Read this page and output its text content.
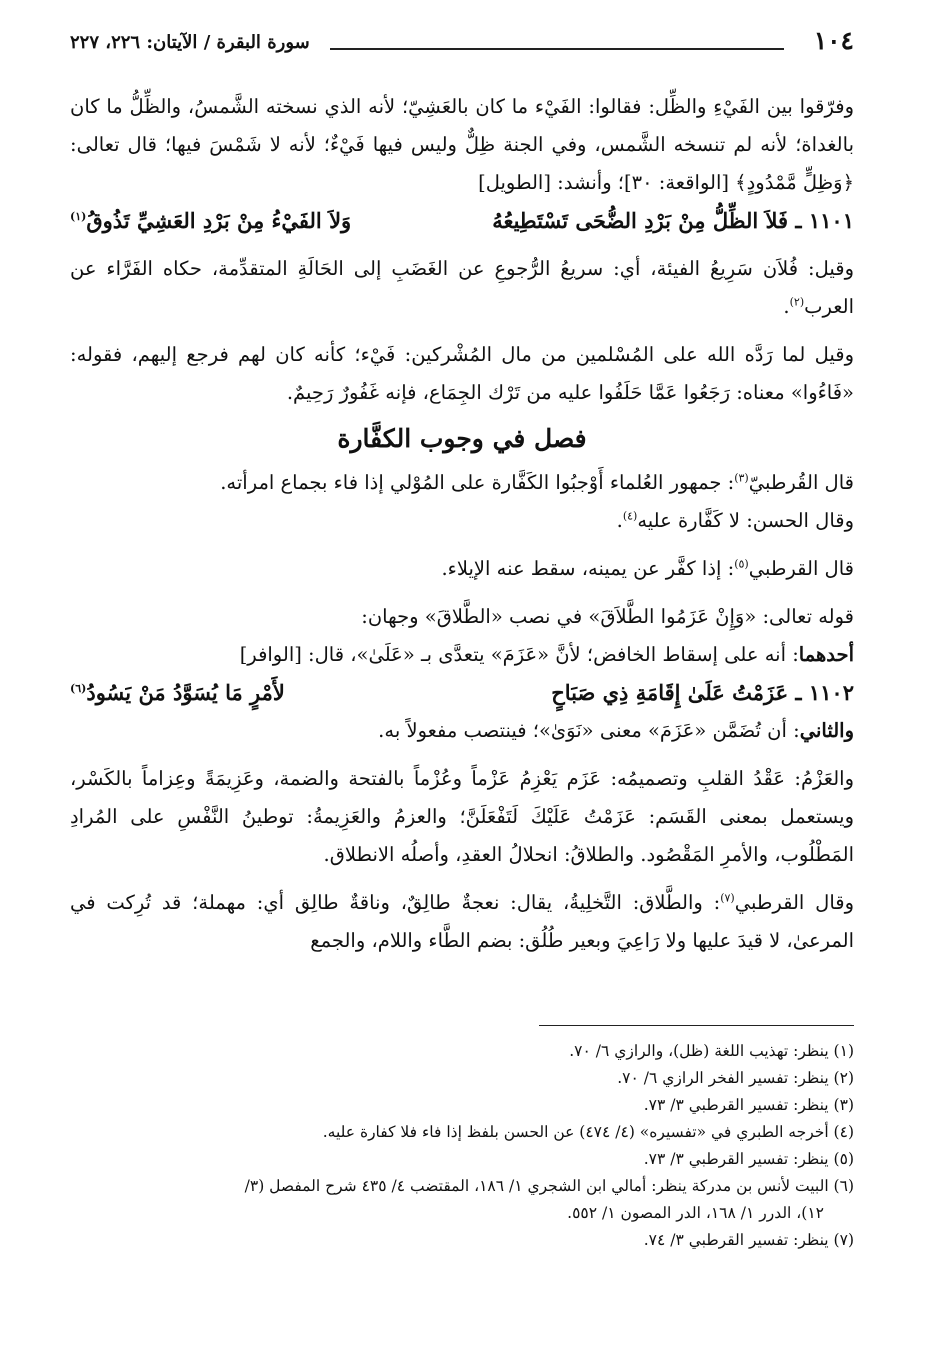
١٠٤
سورة البقرة / الآيتان: ٢٢٦، ٢٢٧

وفرّقوا بين الفَيْءِ والظِّل: فقالوا: الفَيْء ما كان بالعَشِيّ؛ لأنه الذي نسخته الشَّمسُ، والظِّلُّ ما كان بالغداة؛ لأنه لم تنسخه الشَّمس، وفي الجنة ظِلٌّ وليس فيها فَيْءٌ؛ لأنه لا شَمْسَ فيها؛ قال تعالى: ﴿وَظِلٍّ مَّمْدُودٍ﴾ [الواقعة: ٣٠]؛ وأنشد: [الطويل]

١١٠١ ـ فَلاَ الظِّلُّ مِنْ بَرْدِ الضُّحَى تَسْتَطِيعُهُ
وَلاَ الفَيْءُ مِنْ بَرْدِ العَشِيِّ تَذُوقُ$^{(١)}$

وقيل: فُلاَن سَرِيعُ الفيئة، أي: سريعُ الرُّجوعِ عن الغَضَبِ إلى الحَالَةِ المتقدِّمة، حكاه الفَرَّاء عن العرب$^{(٢)}$.

وقيل لما رَدَّه الله على المُسْلمين من مال المُشْركين: فَيْء؛ كأنه كان لهم فرجع إليهم، فقوله: «فَاءُوا» معناه: رَجَعُوا عَمَّا حَلَفُوا عليه من تَرْك الجِمَاع، فإنه غَفُورٌ رَحِيمٌ.

فصل في وجوب الكفَّارة

قال القُرطبيّ$^{(٣)}$: جمهور العُلماء أَوْجبُوا الكَفَّارة على المُوْلي إذا فاء بجماع امرأته.

وقال الحسن: لا كَفَّارة عليه$^{(٤)}$.

قال القرطبي$^{(٥)}$: إذا كفَّر عن يمينه، سقط عنه الإيلاء.

قوله تعالى: «وَإِنْ عَزَمُوا الطَّلاَقَ» في نصب «الطَّلاقَ» وجهان:

أحدهما: أنه على إسقاط الخافض؛ لأنَّ «عَزَمَ» يتعدَّى بـ «عَلَىٰ»، قال: [الوافر]

١١٠٢ ـ عَزَمْتُ عَلَىٰ إِقَامَةِ ذِي صَبَاحٍ
لأَمْرٍ مَا يُسَوَّدُ مَنْ يَسُودُ$^{(٦)}$

والثاني: أن تُضَمَّن «عَزَمَ» معنى «نَوَىٰ»؛ فينتصب مفعولاً به.

والعَزْمُ: عَقْدُ القلبِ وتصميمُه: عَزَم يَعْزِمُ عَزْماً وعُزْماً بالفتحة والضمة، وعَزِيمَةً وعِزاماً بالكَسْر، ويستعمل بمعنى القَسَم: عَزَمْتُ عَلَيْكَ لَتَفْعَلَنَّ؛ والعزمُ والعَزِيمةُ: توطينُ النَّفْسِ على المُرادِ المَطْلُوب، والأمرِ المَقْصُود. والطلاقُ: انحلالُ العقدِ، وأصلُه الانطلاق.

وقال القرطبي$^{(٧)}$: والطَّلاق: التَّخلِيةُ، يقال: نعجةٌ طالِقٌ، وناقةٌ طالِق أي: مهملة؛ قد تُرِكت في المرعىٰ، لا قيدَ عليها ولا رَاعِيَ وبعير طُلُق: بضم الطَّاء واللام، والجمع

(١) ينظر: تهذيب اللغة (ظل)، والرازي ٦/ ٧٠.

(٢) ينظر: تفسير الفخر الرازي ٦/ ٧٠.

(٣) ينظر: تفسير القرطبي ٣/ ٧٣.

(٤) أخرجه الطبري في «تفسيره» (٤/ ٤٧٤) عن الحسن بلفظ إذا فاء فلا كفارة عليه.

(٥) ينظر: تفسير القرطبي ٣/ ٧٣.

(٦) البيت لأنس بن مدركة ينظر: أمالي ابن الشجري ١/ ١٨٦، المقتضب ٤/ ٤٣٥ شرح المفصل (٣/

١٢)، الدرر ١/ ١٦٨، الدر المصون ١/ ٥٥٢.

(٧) ينظر: تفسير القرطبي ٣/ ٧٤.
